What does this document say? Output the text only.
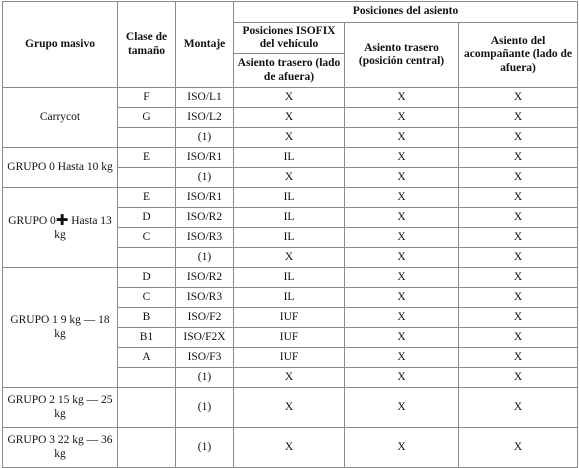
Grupo masivo	Clase de tamaño	Montaje	Posiciones del asiento		
			Posiciones ISOFIX del vehículo	Asiento trasero (posición central)	Asiento del acompañante (lado de afuera)
			Asiento trasero (lado de afuera)		
Carrycot	F	ISO/L1	X	X	X
	G	ISO/L2	X	X	X
		(1)	X	X	X
GRUPO 0 Hasta 10 kg	E	ISO/R1	IL	X	X
		(1)	X	X	X
GRUPO 0✚ Hasta 13 kg	E	ISO/R1	IL	X	X
	D	ISO/R2	IL	X	X
	C	ISO/R3	IL	X	X
		(1)	X	X	X
GRUPO 1 9 kg — 18 kg	D	ISO/R2	IL	X	X
	C	ISO/R3	IL	X	X
	B	ISO/F2	IUF	X	X
	B1	ISO/F2X	IUF	X	X
	A	ISO/F3	IUF	X	X
		(1)	X	X	X
GRUPO 2 15 kg — 25 kg		(1)	X	X	X
GRUPO 3 22 kg — 36 kg		(1)	X	X	X
